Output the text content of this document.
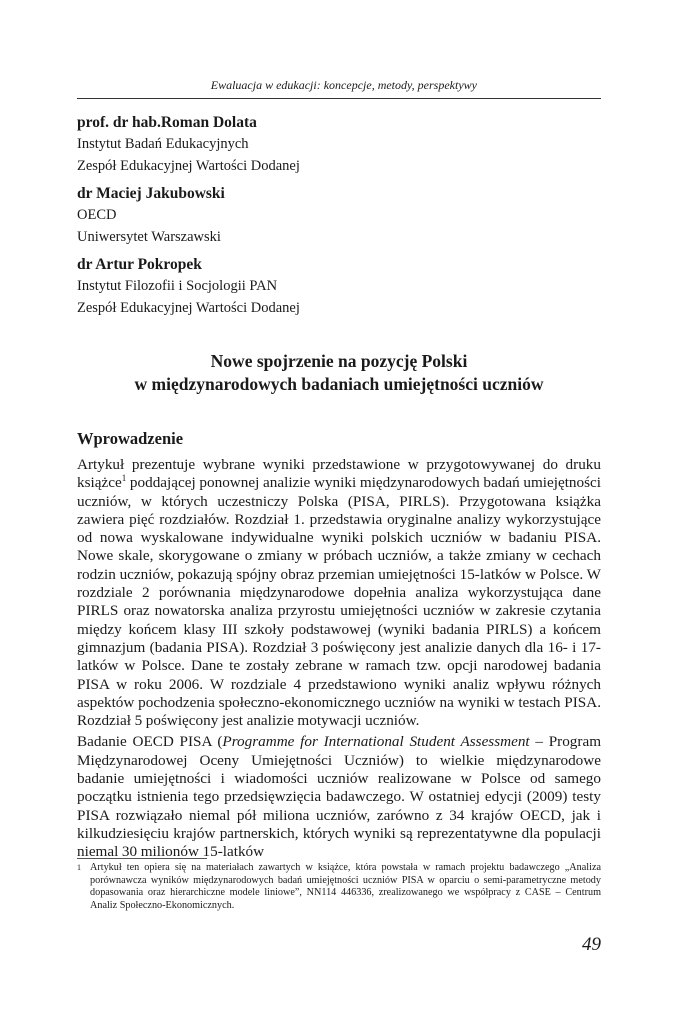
Ewaluacja w edukacji: koncepcje, metody, perspektywy
prof. dr hab.Roman Dolata
Instytut Badań Edukacyjnych
Zespół Edukacyjnej Wartości Dodanej
dr Maciej Jakubowski
OECD
Uniwersytet Warszawski
dr Artur Pokropek
Instytut Filozofii i Socjologii PAN
Zespół Edukacyjnej Wartości Dodanej
Nowe spojrzenie na pozycję Polski
w międzynarodowych badaniach umiejętności uczniów
Wprowadzenie

Artykuł prezentuje wybrane wyniki przedstawione w przygotowywanej do druku książce$^1$ poddającej ponownej analizie wyniki międzynarodowych badań umiejętności uczniów, w których uczestniczy Polska (PISA, PIRLS). Przygotowana książka zawiera pięć rozdziałów. Rozdział 1. przedstawia oryginalne analizy wykorzystujące od nowa wyskalowane indywidualne wyniki polskich uczniów w badaniu PISA. Nowe skale, skorygowane o zmiany w próbach uczniów, a także zmiany w cechach rodzin uczniów, pokazują spójny obraz przemian umiejętności 15-latków w Polsce. W rozdziale 2 porównania międzynarodowe dopełnia analiza wykorzystująca dane PIRLS oraz nowatorska analiza przyrostu umiejętności uczniów w zakresie czytania między końcem klasy III szkoły podstawowej (wyniki badania PIRLS) a końcem gimnazjum (badania PISA). Rozdział 3 poświęcony jest analizie danych dla 16- i 17-latków w Polsce. Dane te zostały zebrane w ramach tzw. opcji narodowej badania PISA w roku 2006. W rozdziale 4 przedstawiono wyniki analiz wpływu różnych aspektów pochodzenia społeczno-ekonomicznego uczniów na wyniki w testach PISA. Rozdział 5 poświęcony jest analizie motywacji uczniów.

Badanie OECD PISA (Programme for International Student Assessment – Program Międzynarodowej Oceny Umiejętności Uczniów) to wielkie międzynarodowe badanie umiejętności i wiadomości uczniów realizowane w Polsce od samego początku istnienia tego przedsięwzięcia badawczego. W ostatniej edycji (2009) testy PISA rozwiązało niemal pół miliona uczniów, zarówno z 34 krajów OECD, jak i kilkudziesięciu krajów partnerskich, których wyniki są reprezentatywne dla populacji niemal 30 milionów 15-latków

1 Artykuł ten opiera się na materiałach zawartych w książce, która powstała w ramach projektu badawczego „Analiza porównawcza wyników międzynarodowych badań umiejętności uczniów PISA w oparciu o semi-parametryczne metody dopasowania oraz hierarchiczne modele liniowe”, NN114 446336, zrealizowanego we współpracy z CASE – Centrum Analiz Społeczno-Ekonomicznych.
49
